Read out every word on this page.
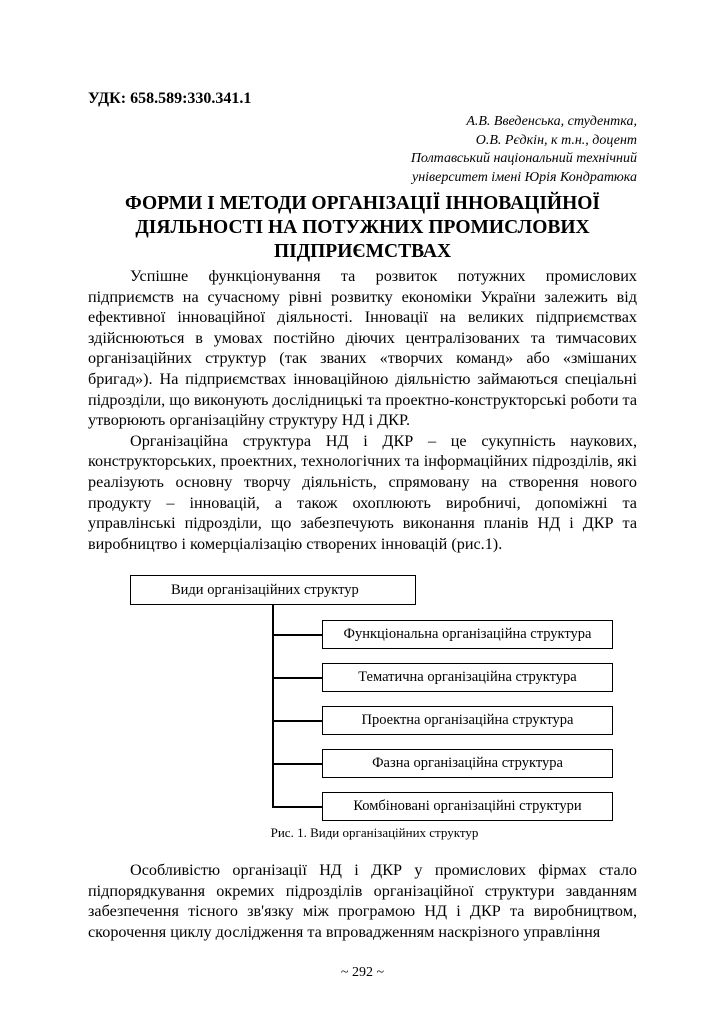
УДК: 658.589:330.341.1
А.В. Введенська, студентка,
О.В. Рєдкін, к т.н., доцент
Полтавський національний технічний
університет імені Юрія Кондратюка
ФОРМИ І МЕТОДИ ОРГАНІЗАЦІЇ ІННОВАЦІЙНОЇ
ДІЯЛЬНОСТІ НА ПОТУЖНИХ ПРОМИСЛОВИХ
ПІДПРИЄМСТВАХ

Успішне функціонування та розвиток потужних промислових підприємств на сучасному рівні розвитку економіки України залежить від ефективної інноваційної діяльності. Інновації на великих підприємствах здійснюються в умовах постійно діючих централізованих та тимчасових організаційних структур (так званих «творчих команд» або «змішаних бригад»). На підприємствах інноваційною діяльністю займаються спеціальні підрозділи, що виконують дослідницькі та проектно-конструкторські роботи та утворюють організаційну структуру НД і ДКР.

Організаційна структура НД і ДКР – це сукупність наукових, конструкторських, проектних, технологічних та інформаційних підрозділів, які реалізують основну творчу діяльність, спрямовану на створення нового продукту – інновацій, а також охоплюють виробничі, допоміжні та управлінські підрозділи, що забезпечують виконання планів НД і ДКР та виробництво і комерціалізацію створених інновацій (рис.1).

Види організаційних структур
Функціональна організаційна структура
Тематична організаційна структура
Проектна організаційна структура
Фазна організаційна структура
Комбіновані організаційні структури
Рис. 1. Види організаційних структур

Особливістю організації НД і ДКР у промислових фірмах стало підпорядкування окремих підрозділів організаційної структури завданням забезпечення тісного зв'язку між програмою НД і ДКР та виробництвом, скорочення циклу дослідження та впровадженням наскрізного управління

~ 292 ~
